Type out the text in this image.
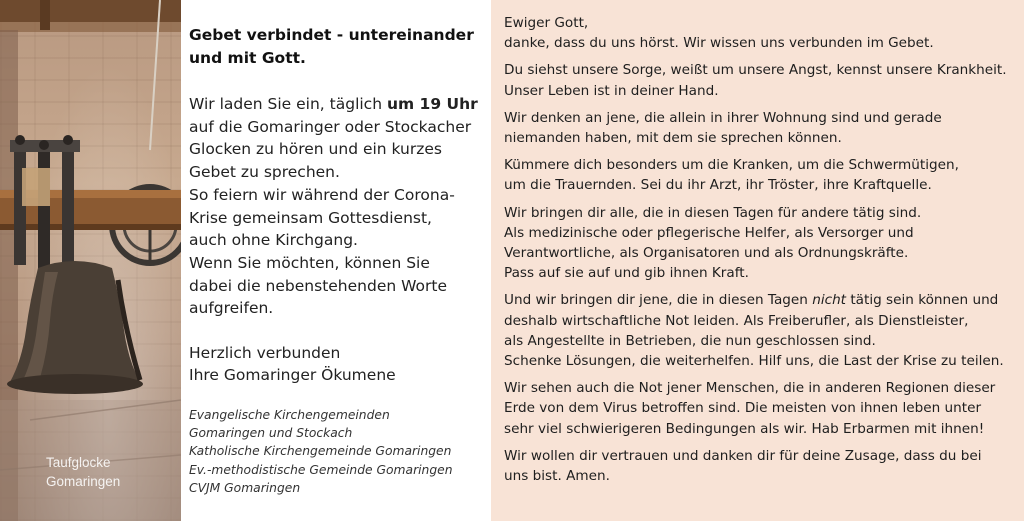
Taufglocke
Gomaringen
Gebet verbindet - untereinander
und mit Gott.
Wir laden Sie ein, täglich um 19 Uhr
auf die Gomaringer oder Stockacher
Glocken zu hören und ein kurzes
Gebet zu sprechen.
So feiern wir während der Corona-
Krise gemeinsam Gottesdienst,
auch ohne Kirchgang.
Wenn Sie möchten, können Sie
dabei die nebenstehenden Worte
aufgreifen.
Herzlich verbunden
Ihre Gomaringer Ökumene
Evangelische Kirchengemeinden
Gomaringen und Stockach
Katholische Kirchengemeinde Gomaringen
Ev.-methodistische Gemeinde Gomaringen
CVJM Gomaringen
Ewiger Gott,
danke, dass du uns hörst. Wir wissen uns verbunden im Gebet.
Du siehst unsere Sorge, weißt um unsere Angst, kennst unsere Krankheit.
Unser Leben ist in deiner Hand.
Wir denken an jene, die allein in ihrer Wohnung sind und gerade
niemanden haben, mit dem sie sprechen können.
Kümmere dich besonders um die Kranken, um die Schwermütigen,
um die Trauernden. Sei du ihr Arzt, ihr Tröster, ihre Kraftquelle.
Wir bringen dir alle, die in diesen Tagen für andere tätig sind.
Als medizinische oder pflegerische Helfer, als Versorger und
Verantwortliche, als Organisatoren und als Ordnungskräfte.
Pass auf sie auf und gib ihnen Kraft.
Und wir bringen dir jene, die in diesen Tagen nicht tätig sein können und
deshalb wirtschaftliche Not leiden. Als Freiberufler, als Dienstleister,
als Angestellte in Betrieben, die nun geschlossen sind.
Schenke Lösungen, die weiterhelfen. Hilf uns, die Last der Krise zu teilen.
Wir sehen auch die Not jener Menschen, die in anderen Regionen dieser
Erde von dem Virus betroffen sind. Die meisten von ihnen leben unter
sehr viel schwierigeren Bedingungen als wir. Hab Erbarmen mit ihnen!
Wir wollen dir vertrauen und danken dir für deine Zusage, dass du bei
uns bist. Amen.
